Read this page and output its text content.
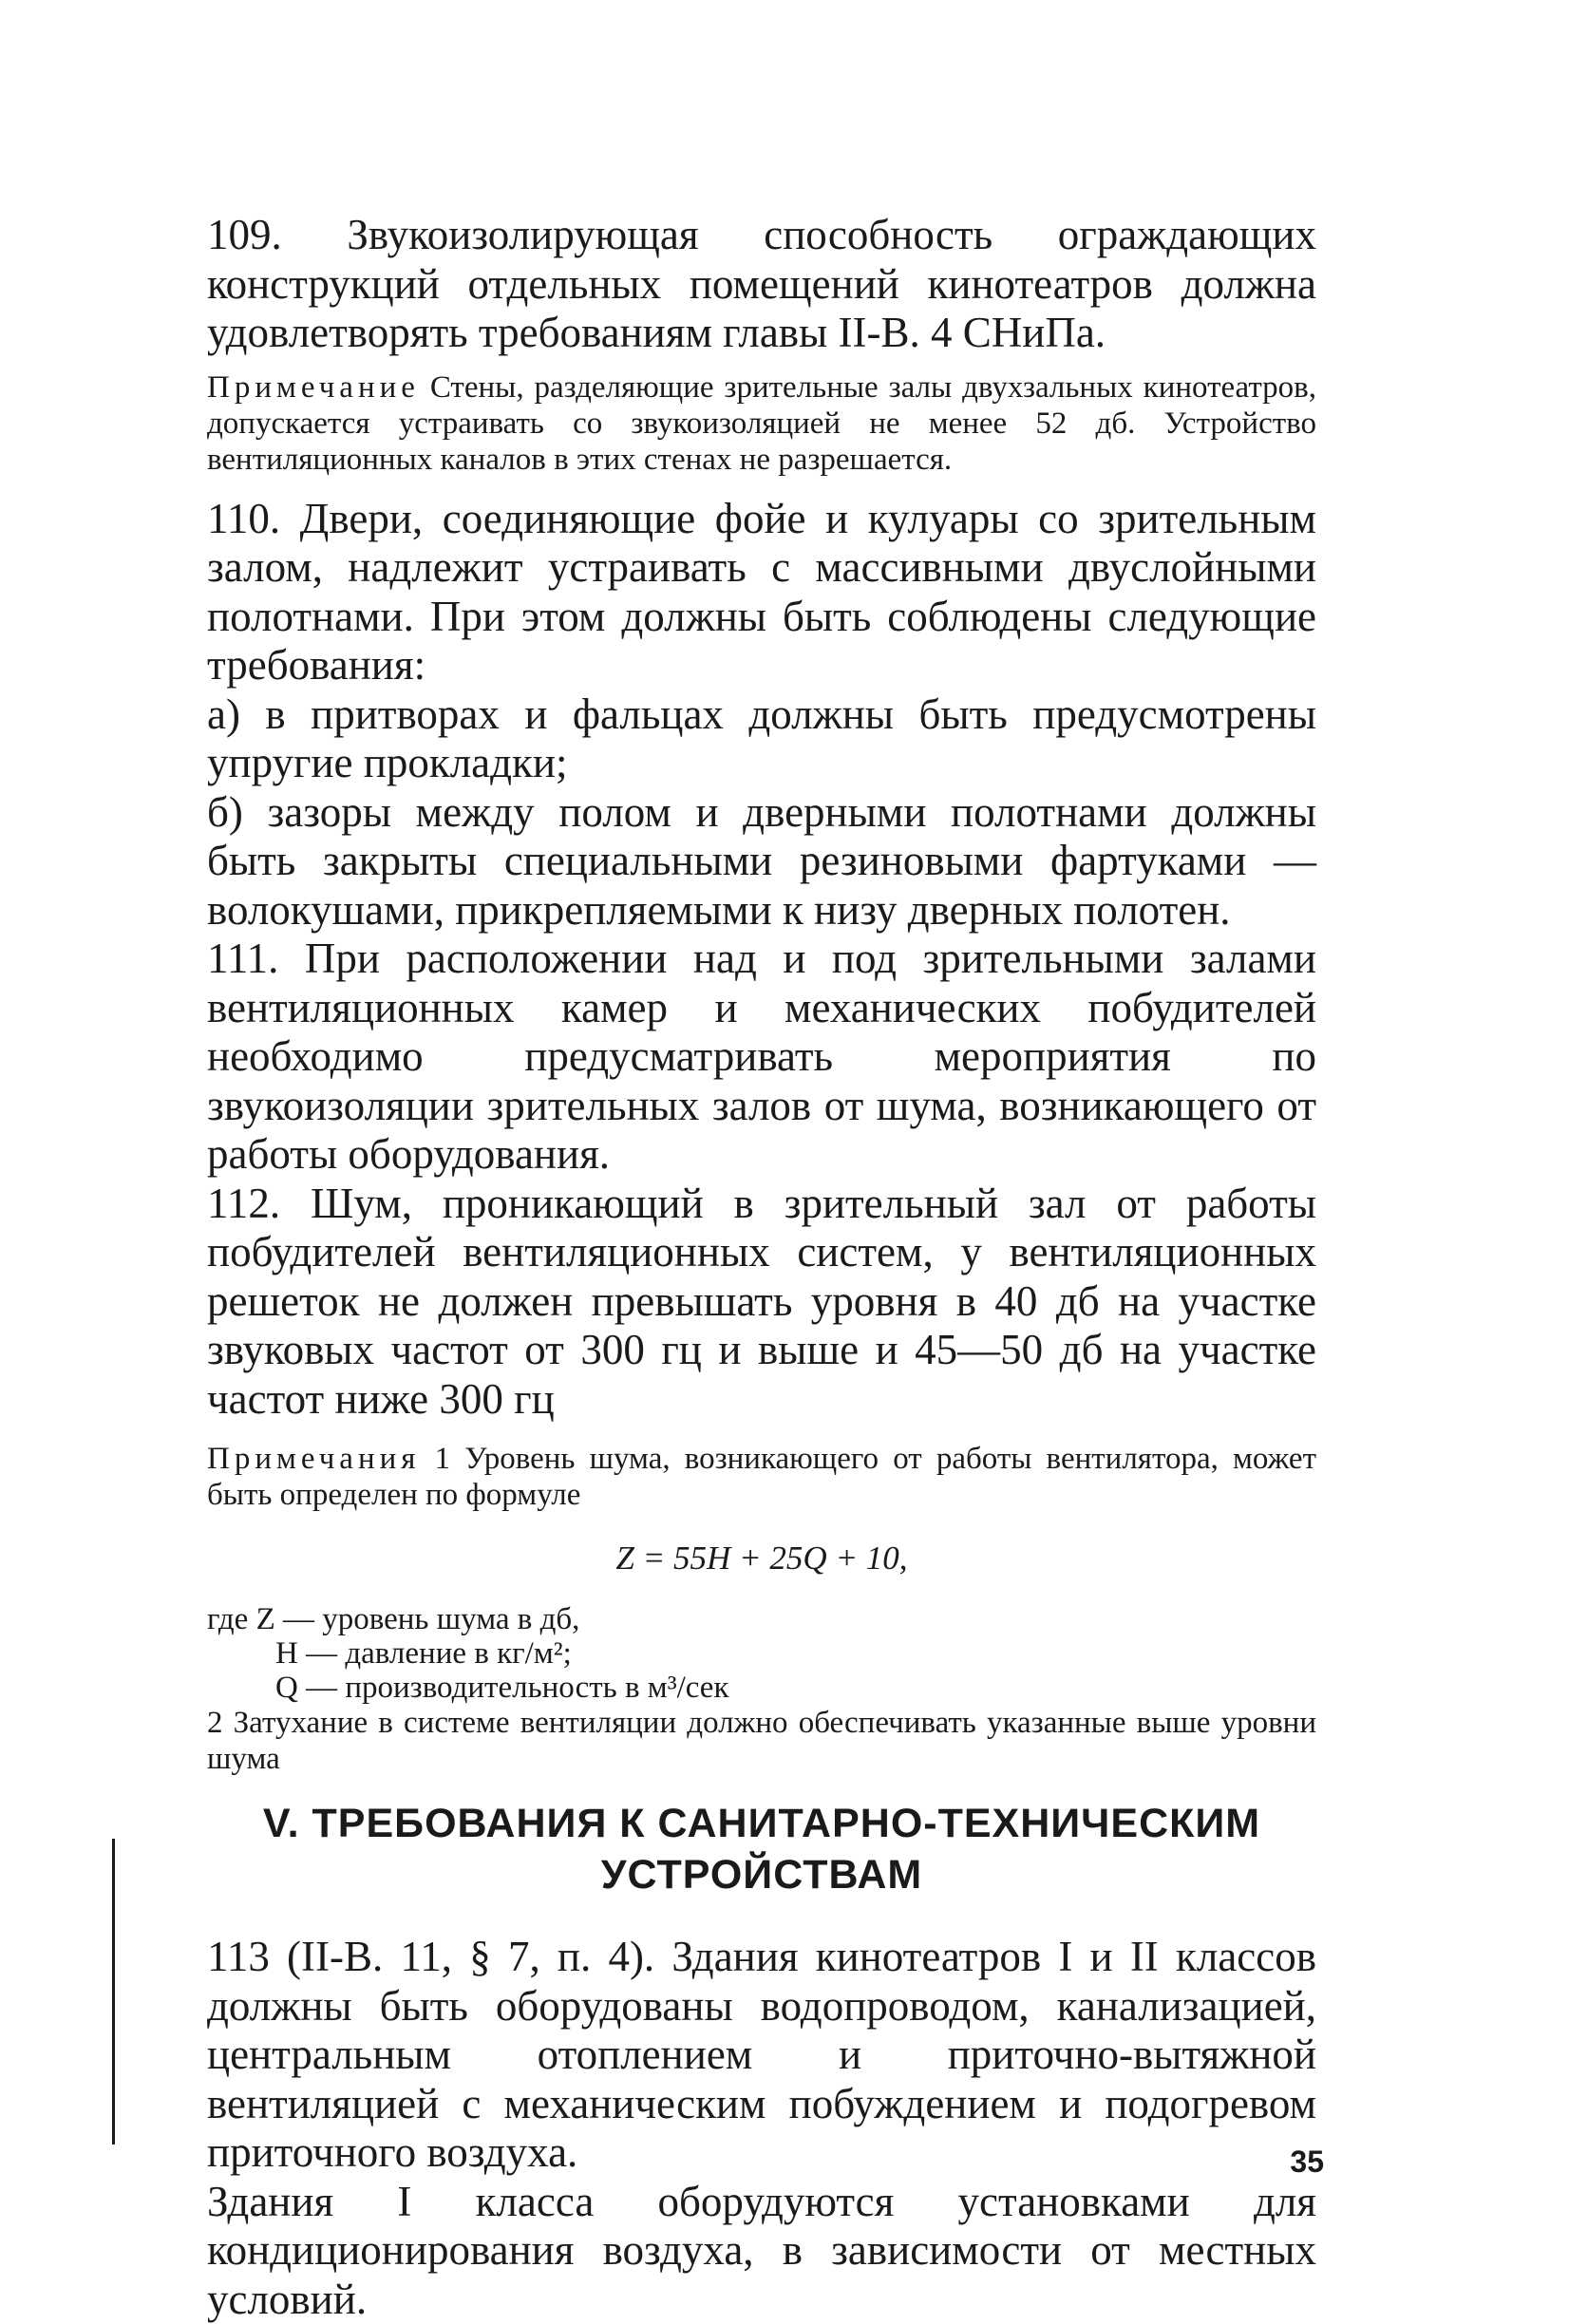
109. Звукоизолирующая способность ограждающих конструкций отдельных помещений кинотеатров должна удовлетворять требованиям главы II-В. 4 СНиПа.

Примечание Стены, разделяющие зрительные залы двухзальных кинотеатров, допускается устраивать со звукоизоляцией не менее 52 дб. Устройство вентиляционных каналов в этих стенах не разрешается.

110. Двери, соединяющие фойе и кулуары со зрительным залом, надлежит устраивать с массивными двуслойными полотнами. При этом должны быть соблюдены следующие требования:

а) в притворах и фальцах должны быть предусмотрены упругие прокладки;

б) зазоры между полом и дверными полотнами должны быть закрыты специальными резиновыми фартуками — волокушами, прикрепляемыми к низу дверных полотен.

111. При расположении над и под зрительными залами вентиляционных камер и механических побудителей необходимо предусматривать мероприятия по звукоизоляции зрительных залов от шума, возникающего от работы оборудования.

112. Шум, проникающий в зрительный зал от работы побудителей вентиляционных систем, у вентиляционных решеток не должен превышать уровня в 40 дб на участке звуковых частот от 300 гц и выше и 45—50 дб на участке частот ниже 300 гц

Примечания 1 Уровень шума, возникающего от работы вентилятора, может быть определен по формуле

Z = 55H + 25Q + 10,

где Z — уровень шума в дб,
H — давление в кг/м²;
Q — производительность в м³/сек

2 Затухание в системе вентиляции должно обеспечивать указанные выше уровни шума

V. ТРЕБОВАНИЯ К САНИТАРНО-ТЕХНИЧЕСКИМ УСТРОЙСТВАМ

113 (II-В. 11, § 7, п. 4). Здания кинотеатров I и II классов должны быть оборудованы водопроводом, канализацией, центральным отоплением и приточно-вытяжной вентиляцией с механическим побуждением и подогревом приточного воздуха.

Здания I класса оборудуются установками для кондиционирования воздуха, в зависимости от местных условий.

35
